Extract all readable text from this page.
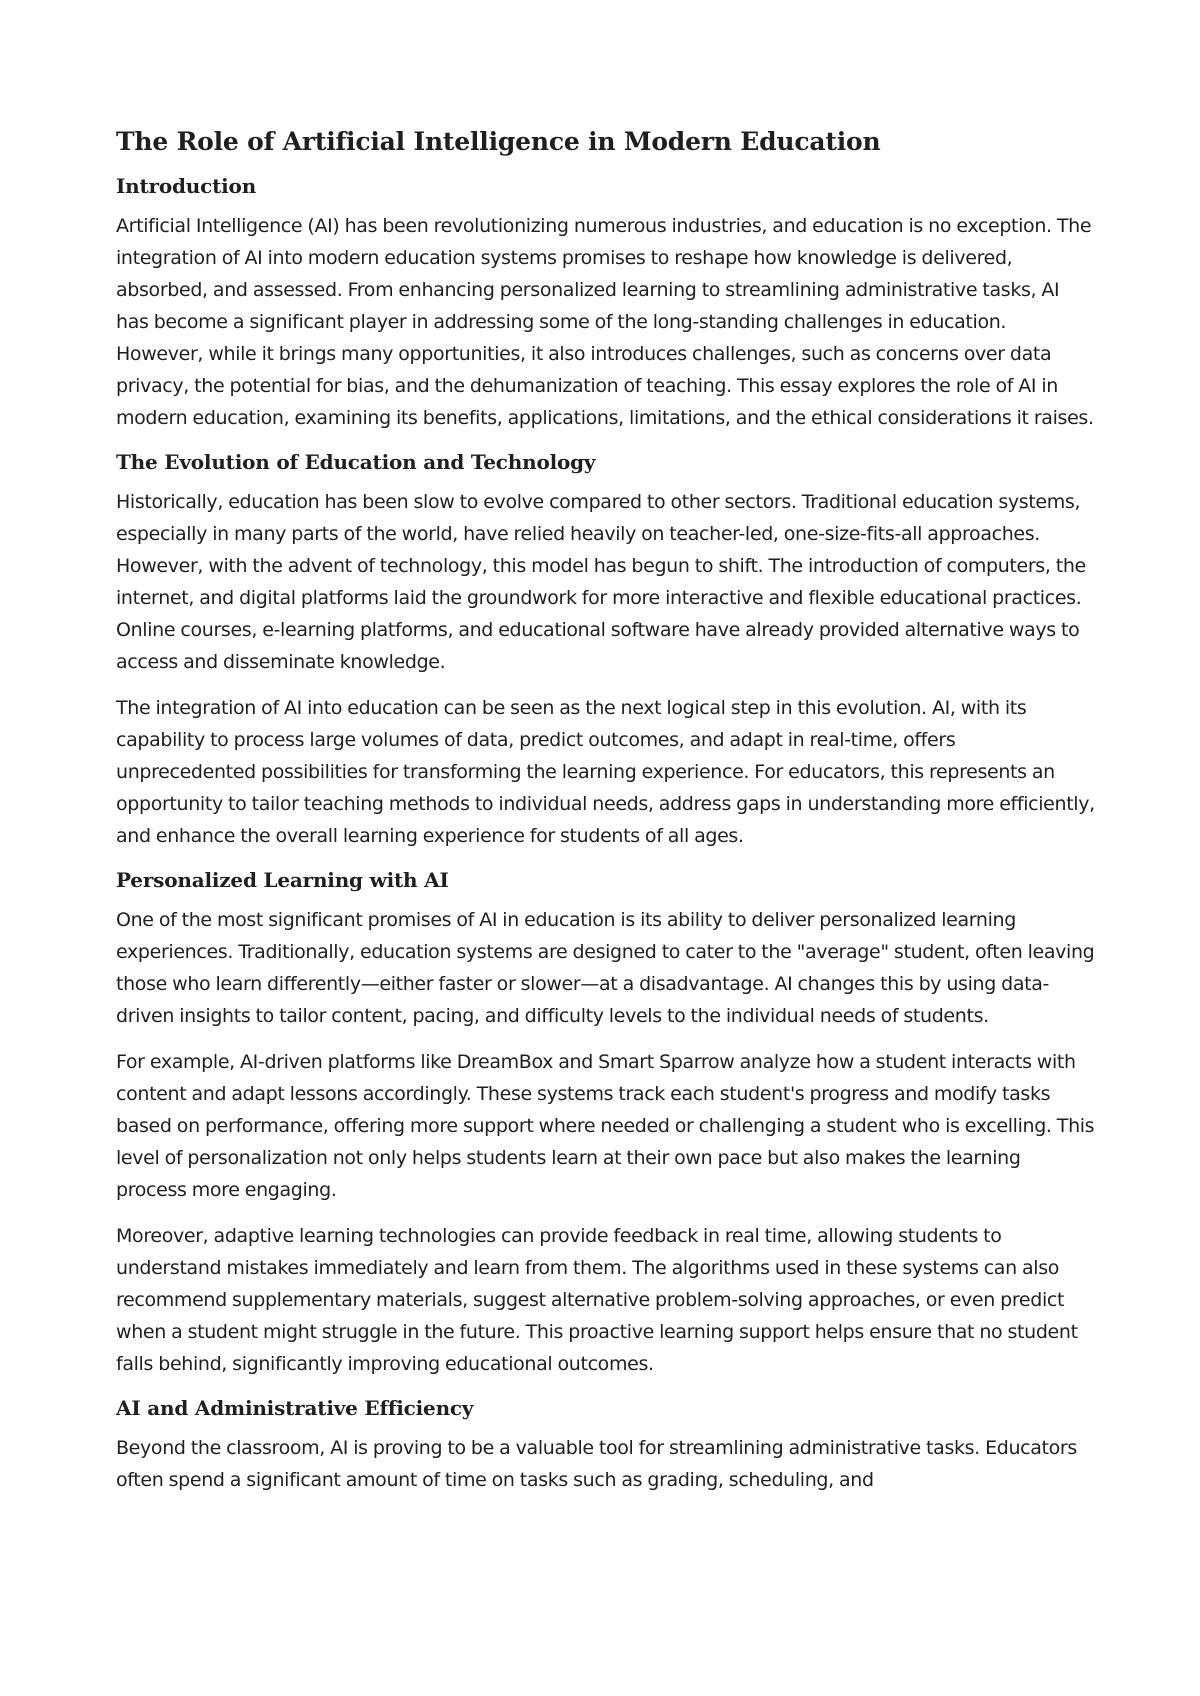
The Role of Artificial Intelligence in Modern Education
Introduction

Artificial Intelligence (AI) has been revolutionizing numerous industries, and education is no exception. The integration of AI into modern education systems promises to reshape how knowledge is delivered, absorbed, and assessed. From enhancing personalized learning to streamlining administrative tasks, AI has become a significant player in addressing some of the long-standing challenges in education. However, while it brings many opportunities, it also introduces challenges, such as concerns over data privacy, the potential for bias, and the dehumanization of teaching. This essay explores the role of AI in modern education, examining its benefits, applications, limitations, and the ethical considerations it raises.

The Evolution of Education and Technology

Historically, education has been slow to evolve compared to other sectors. Traditional education systems, especially in many parts of the world, have relied heavily on teacher-led, one-size-fits-all approaches. However, with the advent of technology, this model has begun to shift. The introduction of computers, the internet, and digital platforms laid the groundwork for more interactive and flexible educational practices. Online courses, e-learning platforms, and educational software have already provided alternative ways to access and disseminate knowledge.

The integration of AI into education can be seen as the next logical step in this evolution. AI, with its capability to process large volumes of data, predict outcomes, and adapt in real-time, offers unprecedented possibilities for transforming the learning experience. For educators, this represents an opportunity to tailor teaching methods to individual needs, address gaps in understanding more efficiently, and enhance the overall learning experience for students of all ages.

Personalized Learning with AI

One of the most significant promises of AI in education is its ability to deliver personalized learning experiences. Traditionally, education systems are designed to cater to the "average" student, often leaving those who learn differently—either faster or slower—at a disadvantage. AI changes this by using data-driven insights to tailor content, pacing, and difficulty levels to the individual needs of students.

For example, AI-driven platforms like DreamBox and Smart Sparrow analyze how a student interacts with content and adapt lessons accordingly. These systems track each student's progress and modify tasks based on performance, offering more support where needed or challenging a student who is excelling. This level of personalization not only helps students learn at their own pace but also makes the learning process more engaging.

Moreover, adaptive learning technologies can provide feedback in real time, allowing students to understand mistakes immediately and learn from them. The algorithms used in these systems can also recommend supplementary materials, suggest alternative problem-solving approaches, or even predict when a student might struggle in the future. This proactive learning support helps ensure that no student falls behind, significantly improving educational outcomes.

AI and Administrative Efficiency

Beyond the classroom, AI is proving to be a valuable tool for streamlining administrative tasks. Educators often spend a significant amount of time on tasks such as grading, scheduling, and
